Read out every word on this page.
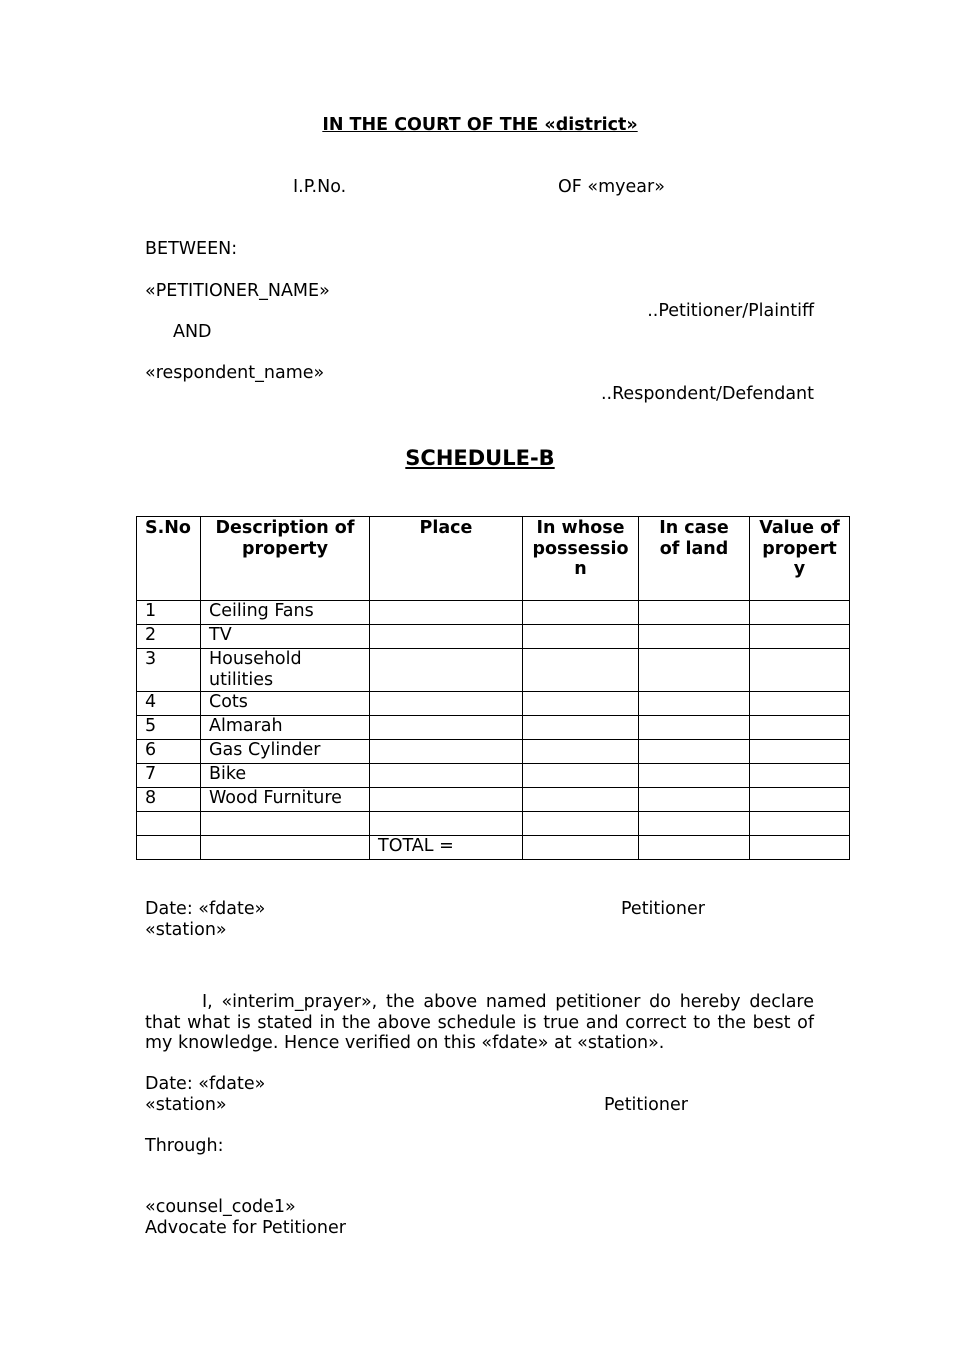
IN THE COURT OF THE «district»
I.P.No.	OF «myear»
BETWEEN:
«PETITIONER_NAME»
..Petitioner/Plaintiff
AND
«respondent_name»
..Respondent/Defendant
SCHEDULE-B
S.No	Description of property	Place	In whose possession	In case of land	Value of property
1	Ceiling Fans				
2	TV				
3	Household utilities				
4	Cots				
5	Almarah				
6	Gas Cylinder				
7	Bike				
8	Wood Furniture				

		TOTAL =			
Date: «fdate»	Petitioner
«station»
I, «interim_prayer», the above named petitioner do hereby declare that what is stated in the above schedule is true and correct to the best of my knowledge. Hence verified on this «fdate» at «station».
Date: «fdate»
«station»	Petitioner
Through:
«counsel_code1»
Advocate for Petitioner
